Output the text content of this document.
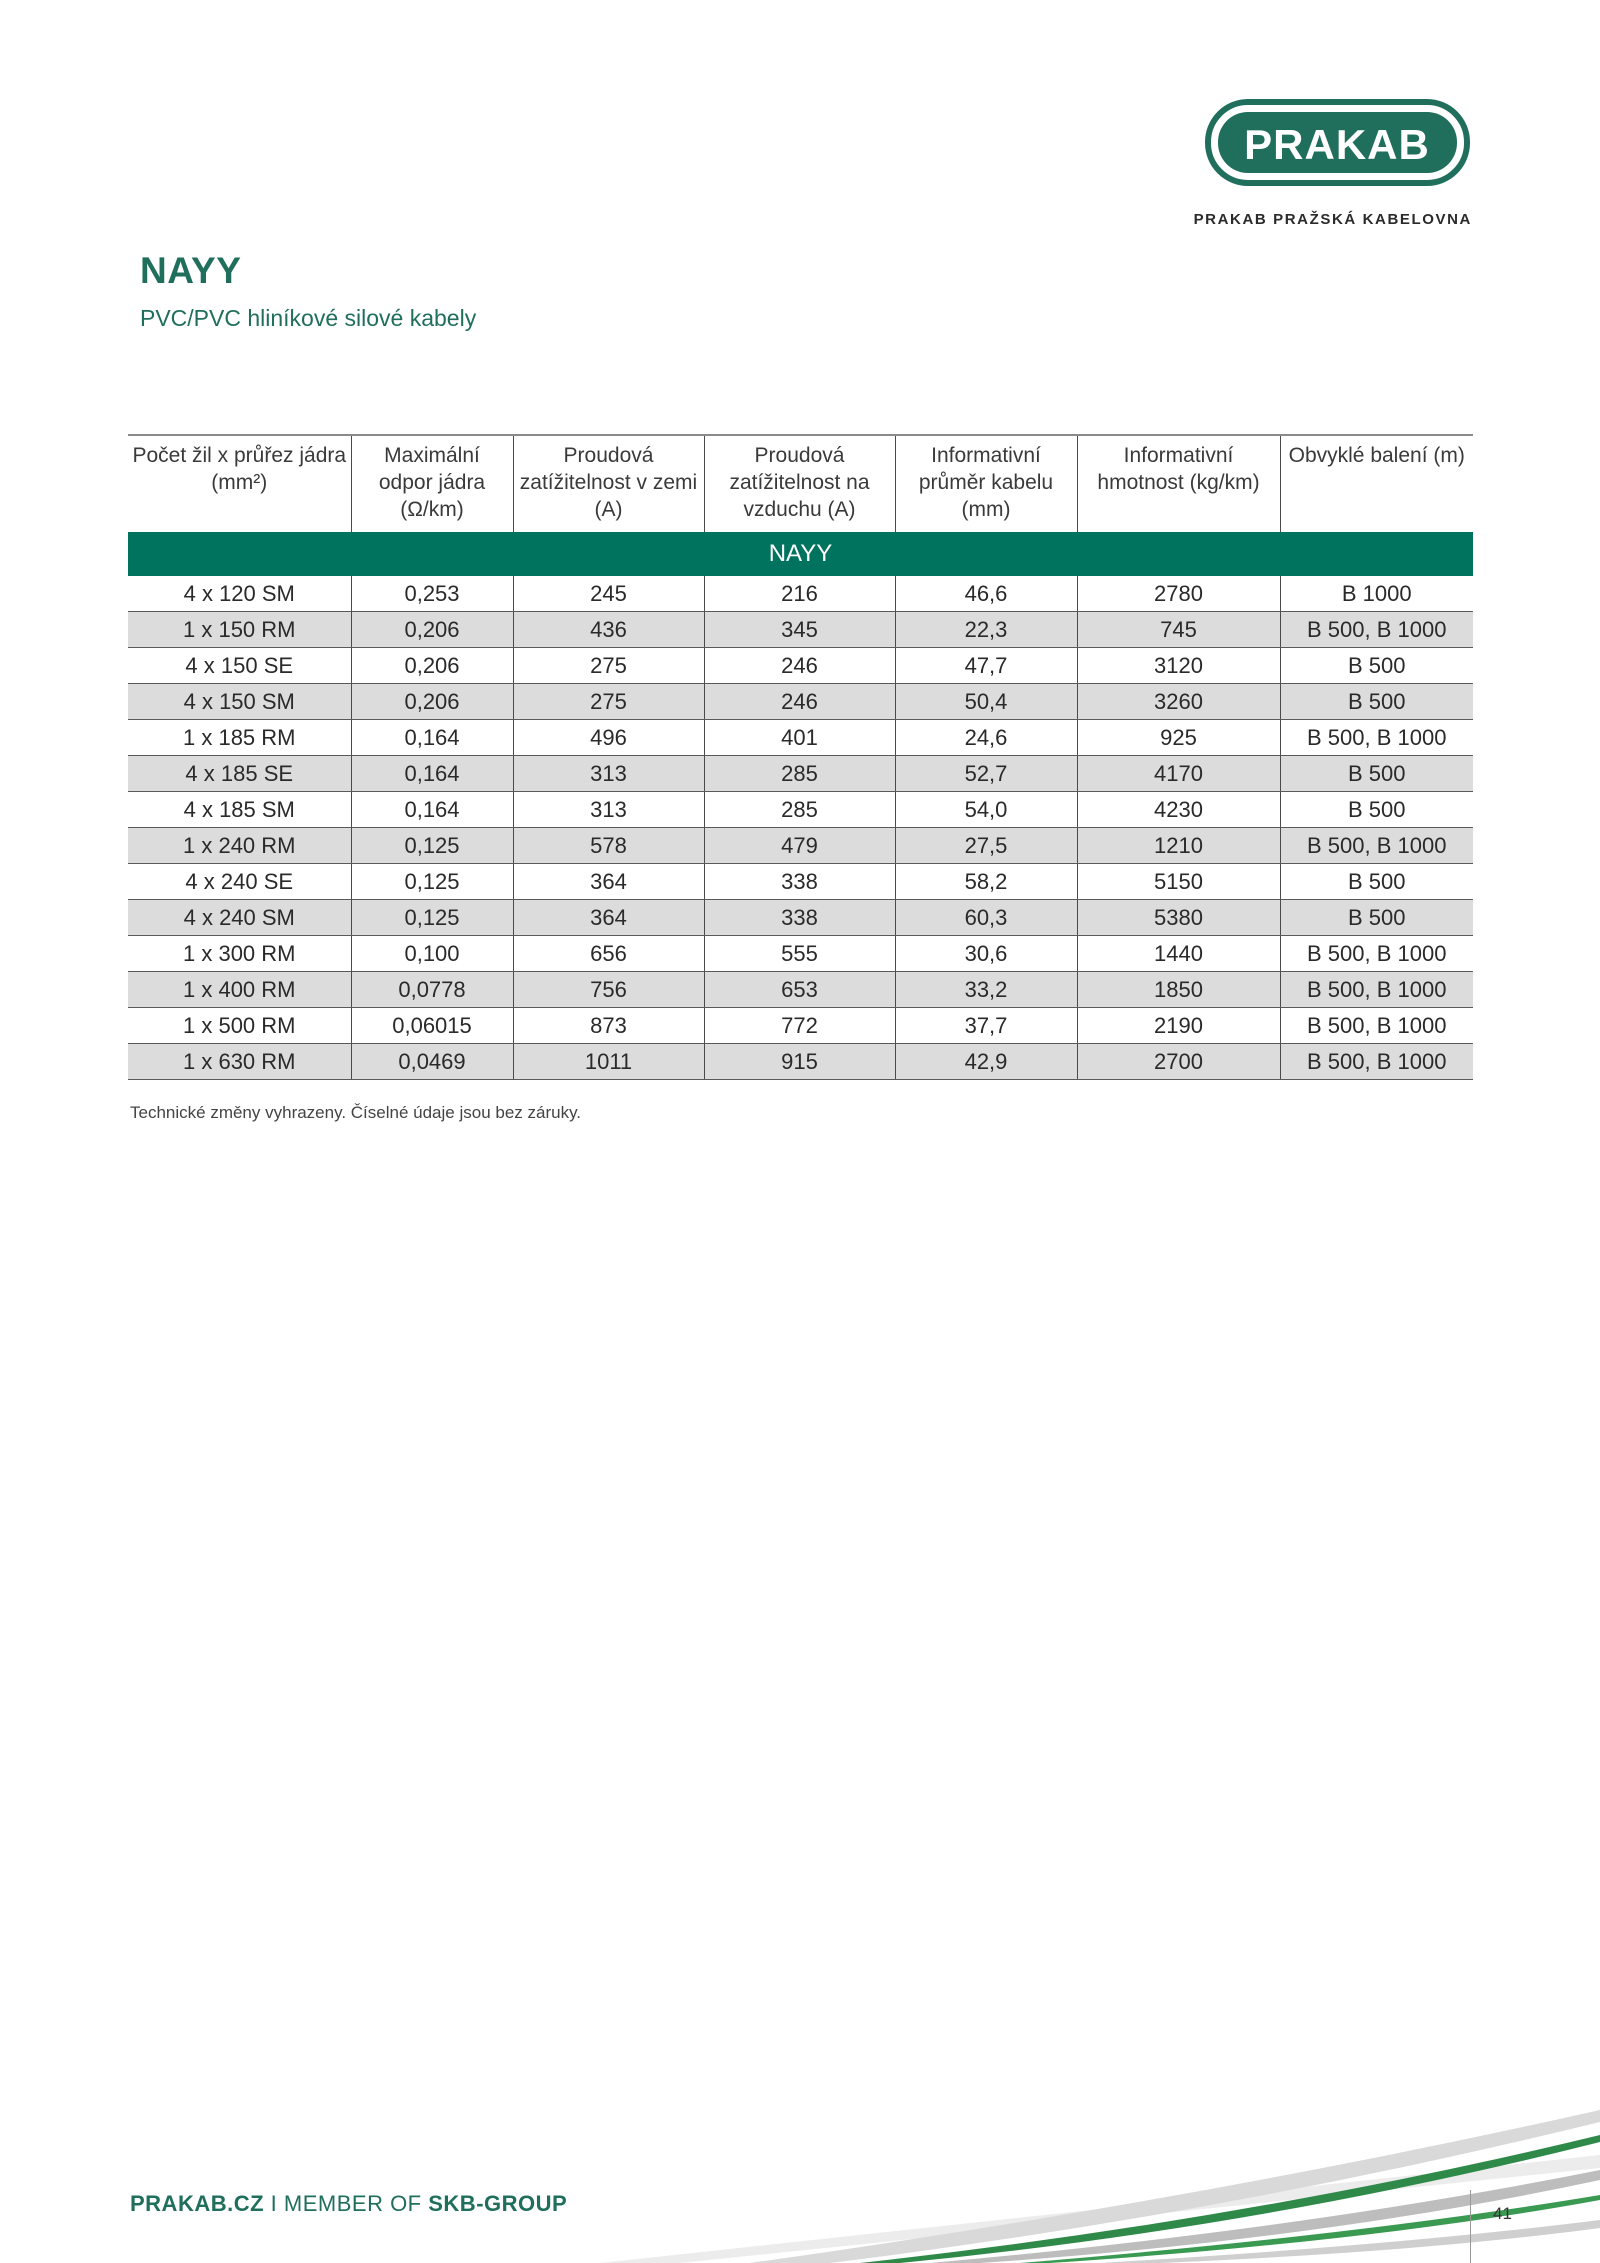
PRAKAB
PRAKAB PRAŽSKÁ KABELOVNA
NAYY
PVC/PVC hliníkové silové kabely
Počet žil x průřez jádra (mm²)	Maximální odpor jádra (Ω/km)	Proudová zatížitelnost v zemi (A)	Proudová zatížitelnost na vzduchu (A)	Informativní průměr kabelu (mm)	Informativní hmotnost (kg/km)	Obvyklé balení (m)
NAYY						
4 x 120 SM	0,253	245	216	46,6	2780	B 1000
1 x 150 RM	0,206	436	345	22,3	745	B 500, B 1000
4 x 150 SE	0,206	275	246	47,7	3120	B 500
4 x 150 SM	0,206	275	246	50,4	3260	B 500
1 x 185 RM	0,164	496	401	24,6	925	B 500, B 1000
4 x 185 SE	0,164	313	285	52,7	4170	B 500
4 x 185 SM	0,164	313	285	54,0	4230	B 500
1 x 240 RM	0,125	578	479	27,5	1210	B 500, B 1000
4 x 240 SE	0,125	364	338	58,2	5150	B 500
4 x 240 SM	0,125	364	338	60,3	5380	B 500
1 x 300 RM	0,100	656	555	30,6	1440	B 500, B 1000
1 x 400 RM	0,0778	756	653	33,2	1850	B 500, B 1000
1 x 500 RM	0,06015	873	772	37,7	2190	B 500, B 1000
1 x 630 RM	0,0469	1011	915	42,9	2700	B 500, B 1000
Technické změny vyhrazeny. Číselné údaje jsou bez záruky.
PRAKAB.CZ I MEMBER OF SKB-GROUP	41
